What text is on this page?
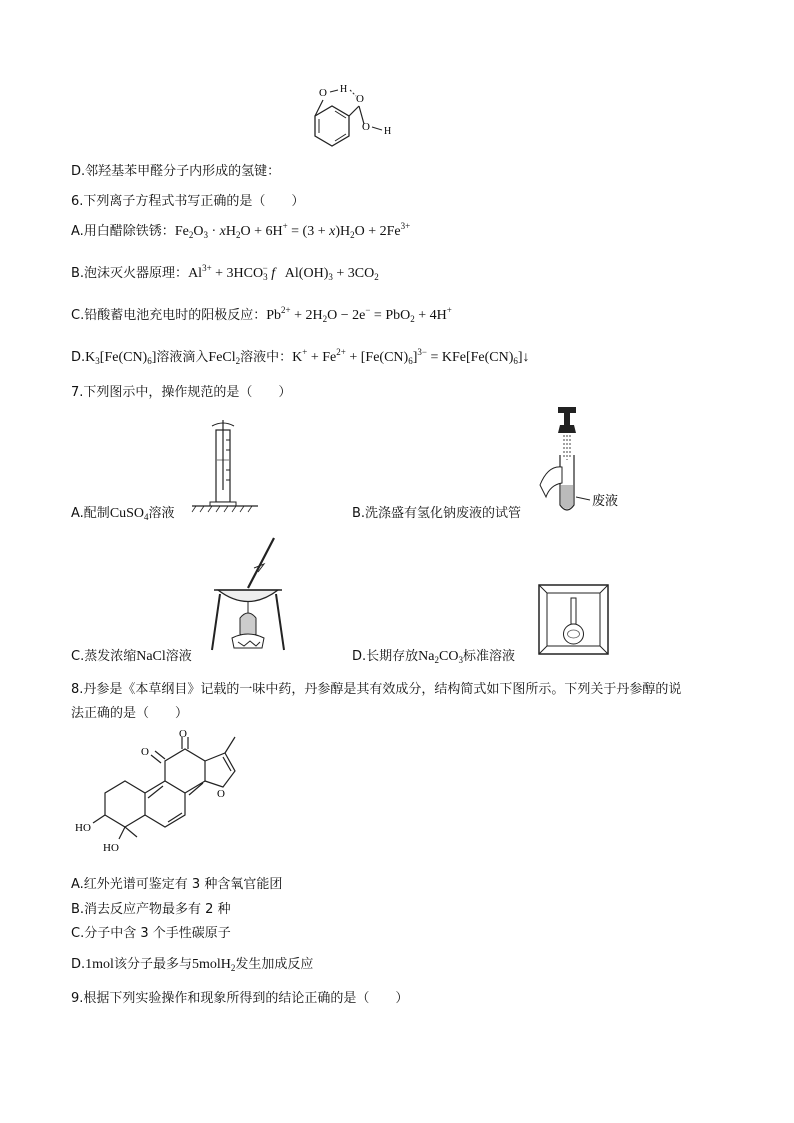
O H
O
O H
D.邻羟基苯甲醛分子内形成的氢键：
6.下列离子方程式书写正确的是（　　）
A.用白醋除铁锈：$Fe_2O_3 \cdot xH_2O + 6H^+ = (3 + x)H_2O + 2Fe^{3+}$
B.泡沫灭火器原理：$Al^{3+} + 3HCO_3^-$ f   $Al(OH)_3 + 3CO_2$
C.铅酸蓄电池充电时的阳极反应：$Pb^{2+} + 2H_2O - 2e^- = PbO_2 + 4H^+$
$D.K_3[Fe(CN)_6]$溶液滴入FeCl$_2$溶液中：$K^+ + Fe^{2+} + [Fe(CN)_6]^{3-}$ = $KFe[Fe(CN)_6]↓$
7.下列图示中，操作规范的是（　　）
A.配制CuSO$_4$溶液
废液
B.洗涤盛有氢化钠废液的试管
C.蒸发浓缩NaCl溶液	D.长期存放$Na_2CO_3$标准溶液
8.丹参是《本草纲目》记载的一味中药，丹参醇是其有效成分，结构简式如下图所示。下列关于丹参醇的说
法正确的是（　　）
O
O
O
HO
HO
A.红外光谱可鉴定有 3 种含氧官能团
B.消去反应产物最多有 2 种
C.分子中含 3 个手性碳原子
D.1mol该分子最多与5molH$_2$发生加成反应
9.根据下列实验操作和现象所得到的结论正确的是（　　）
